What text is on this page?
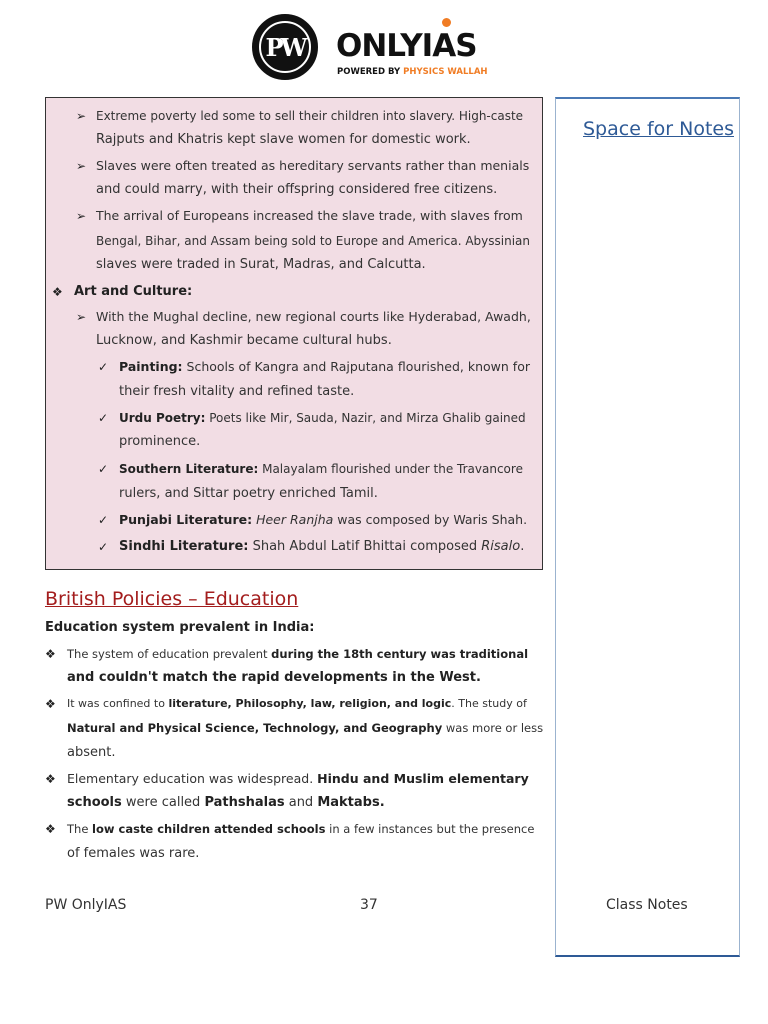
PW	ONLYIAS
POWERED BY PHYSICS WALLAH
➢ Extreme poverty led some to sell their children into slavery. High-caste
Rajputs and Khatris kept slave women for domestic work.
➢ Slaves were often treated as hereditary servants rather than menials
and could marry, with their offspring considered free citizens.
➢ The arrival of Europeans increased the slave trade, with slaves from
Bengal, Bihar, and Assam being sold to Europe and America. Abyssinian
slaves were traded in Surat, Madras, and Calcutta.
❖ Art and Culture:
➢ With the Mughal decline, new regional courts like Hyderabad, Awadh,
Lucknow, and Kashmir became cultural hubs.
✓ Painting: Schools of Kangra and Rajputana flourished, known for
their fresh vitality and refined taste.
✓ Urdu Poetry: Poets like Mir, Sauda, Nazir, and Mirza Ghalib gained
prominence.
✓ Southern Literature: Malayalam flourished under the Travancore
rulers, and Sittar poetry enriched Tamil.
✓ Punjabi Literature: Heer Ranjha was composed by Waris Shah.
✓ Sindhi Literature: Shah Abdul Latif Bhittai composed Risalo.
Space for Notes
British Policies – Education
Education system prevalent in India:
❖ The system of education prevalent during the 18th century was traditional
and couldn't match the rapid developments in the West.
❖ It was confined to literature, Philosophy, law, religion, and logic. The study of
Natural and Physical Science, Technology, and Geography was more or less
absent.
❖ Elementary education was widespread. Hindu and Muslim elementary
schools were called Pathshalas and Maktabs.
❖ The low caste children attended schools in a few instances but the presence
of females was rare.
PW OnlyIAS	37	Class Notes
